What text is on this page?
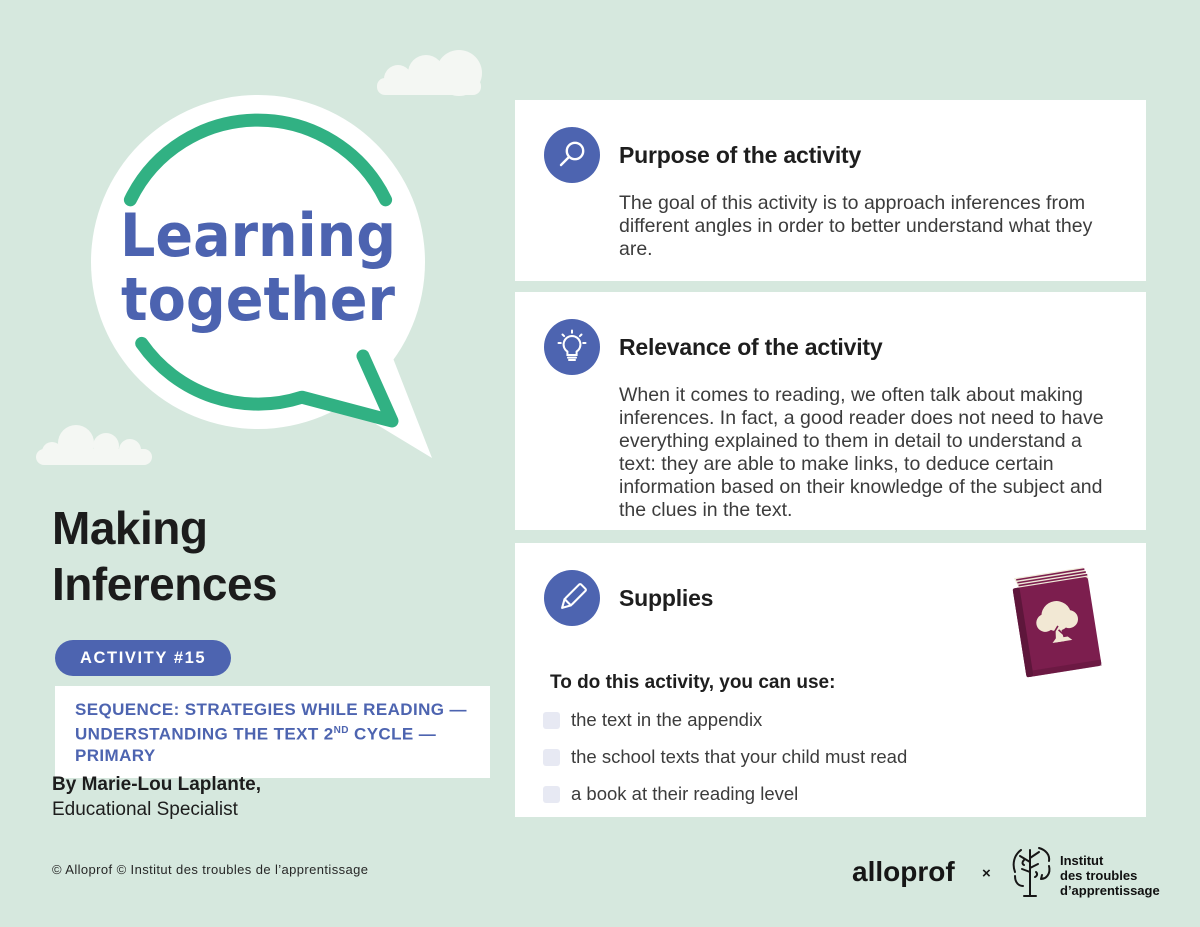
Learning
together
Making
Inferences
ACTIVITY #15
SEQUENCE: STRATEGIES WHILE READING —
UNDERSTANDING THE TEXT 2ND CYCLE — PRIMARY
By Marie-Lou Laplante,
Educational Specialist
© Alloprof © Institut des troubles de l’apprentissage
Purpose of the activity
The goal of this activity is to approach inferences from different angles in order to better understand what they are.
Relevance of the activity
When it comes to reading, we often talk about making inferences. In fact, a good reader does not need to have everything explained to them in detail to understand a text: they are able to make links, to deduce certain information based on their knowledge of the subject and the clues in the text.
Supplies
To do this activity, you can use:
the text in the appendix
the school texts that your child must read
a book at their reading level
alloprof ×
Institut
des troubles
d’apprentissage
